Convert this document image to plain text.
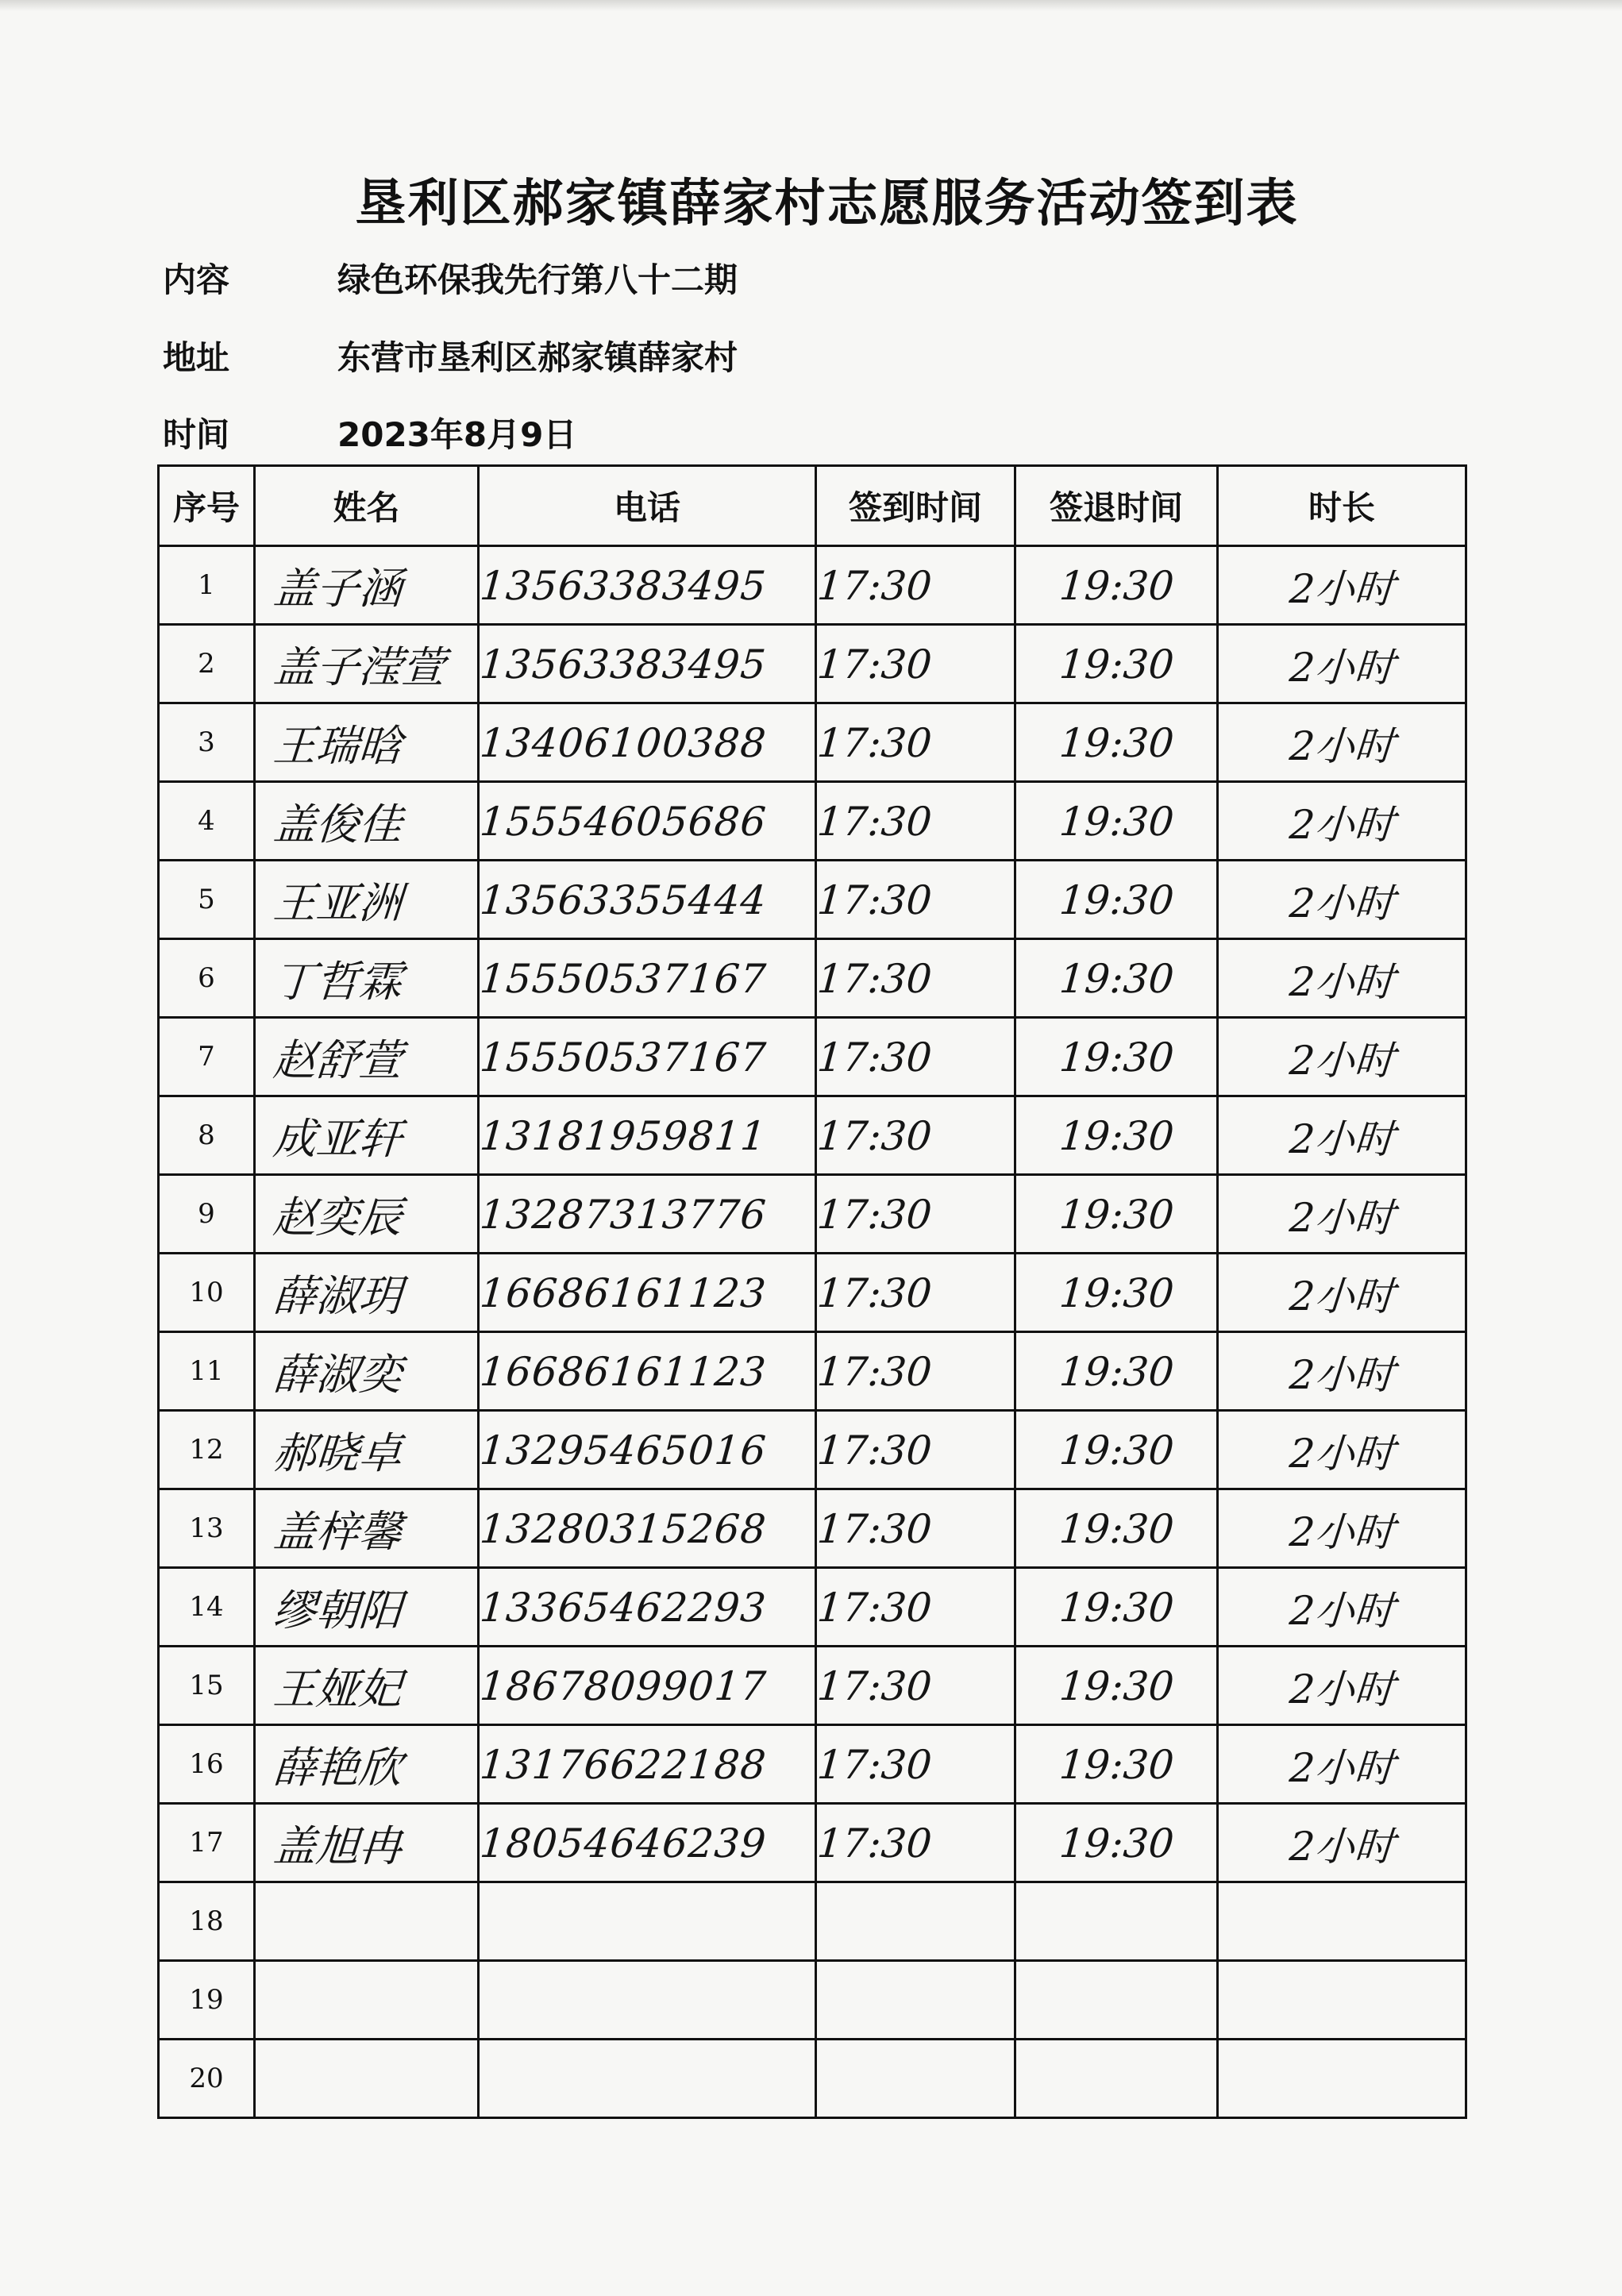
垦利区郝家镇薛家村志愿服务活动签到表
内容	绿色环保我先行第八十二期
地址	东营市垦利区郝家镇薛家村
时间	2023年8月9日
序号	姓名	电话	签到时间	签退时间	时长
1	盖子涵	13563383495	17:30	19:30	2小时
2	盖子滢萱	13563383495	17:30	19:30	2小时
3	王瑞晗	13406100388	17:30	19:30	2小时
4	盖俊佳	15554605686	17:30	19:30	2小时
5	王亚洲	13563355444	17:30	19:30	2小时
6	丁哲霖	15550537167	17:30	19:30	2小时
7	赵舒萱	15550537167	17:30	19:30	2小时
8	成亚轩	13181959811	17:30	19:30	2小时
9	赵奕辰	13287313776	17:30	19:30	2小时
10	薛淑玥	16686161123	17:30	19:30	2小时
11	薛淑奕	16686161123	17:30	19:30	2小时
12	郝晓卓	13295465016	17:30	19:30	2小时
13	盖梓馨	13280315268	17:30	19:30	2小时
14	缪朝阳	13365462293	17:30	19:30	2小时
15	王娅妃	18678099017	17:30	19:30	2小时
16	薛艳欣	13176622188	17:30	19:30	2小时
17	盖旭冉	18054646239	17:30	19:30	2小时
18					
19					
20					
